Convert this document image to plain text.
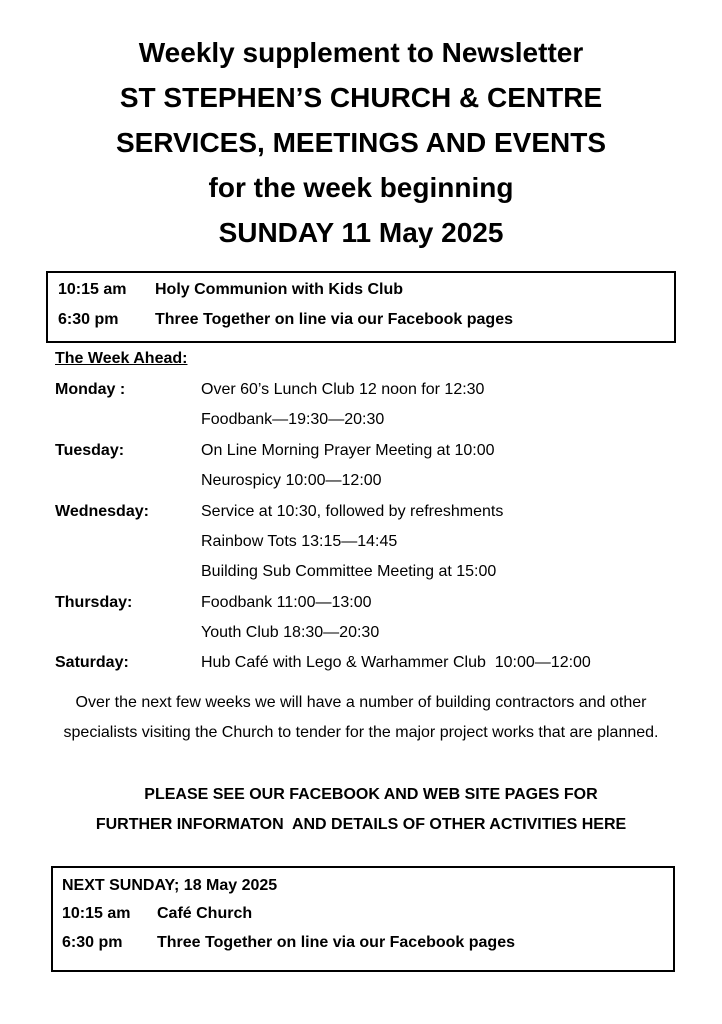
Weekly supplement to Newsletter
ST STEPHEN’S CHURCH & CENTRE
SERVICES, MEETINGS AND EVENTS
for the week beginning
SUNDAY 11 May 2025
10:15 am Holy Communion with Kids Club
6:30 pm Three Together on line via our Facebook pages
The Week Ahead:
Monday :	Over 60’s Lunch Club 12 noon for 12:30
Foodbank—19:30—20:30
Tuesday:	On Line Morning Prayer Meeting at 10:00
Neurospicy 10:00—12:00
Wednesday:	Service at 10:30, followed by refreshments
Rainbow Tots 13:15—14:45
Building Sub Committee Meeting at 15:00
Thursday:	Foodbank 11:00—13:00
Youth Club 18:30—20:30
Saturday:	Hub Café with Lego & Warhammer Club  10:00—12:00
Over the next few weeks we will have a number of building contractors and other specialists visiting the Church to tender for the major project works that are planned.
PLEASE SEE OUR FACEBOOK AND WEB SITE PAGES FOR
FURTHER INFORMATON  AND DETAILS OF OTHER ACTIVITIES HERE
NEXT SUNDAY; 18 May 2025
10:15 am Café Church
6:30 pm Three Together on line via our Facebook pages
